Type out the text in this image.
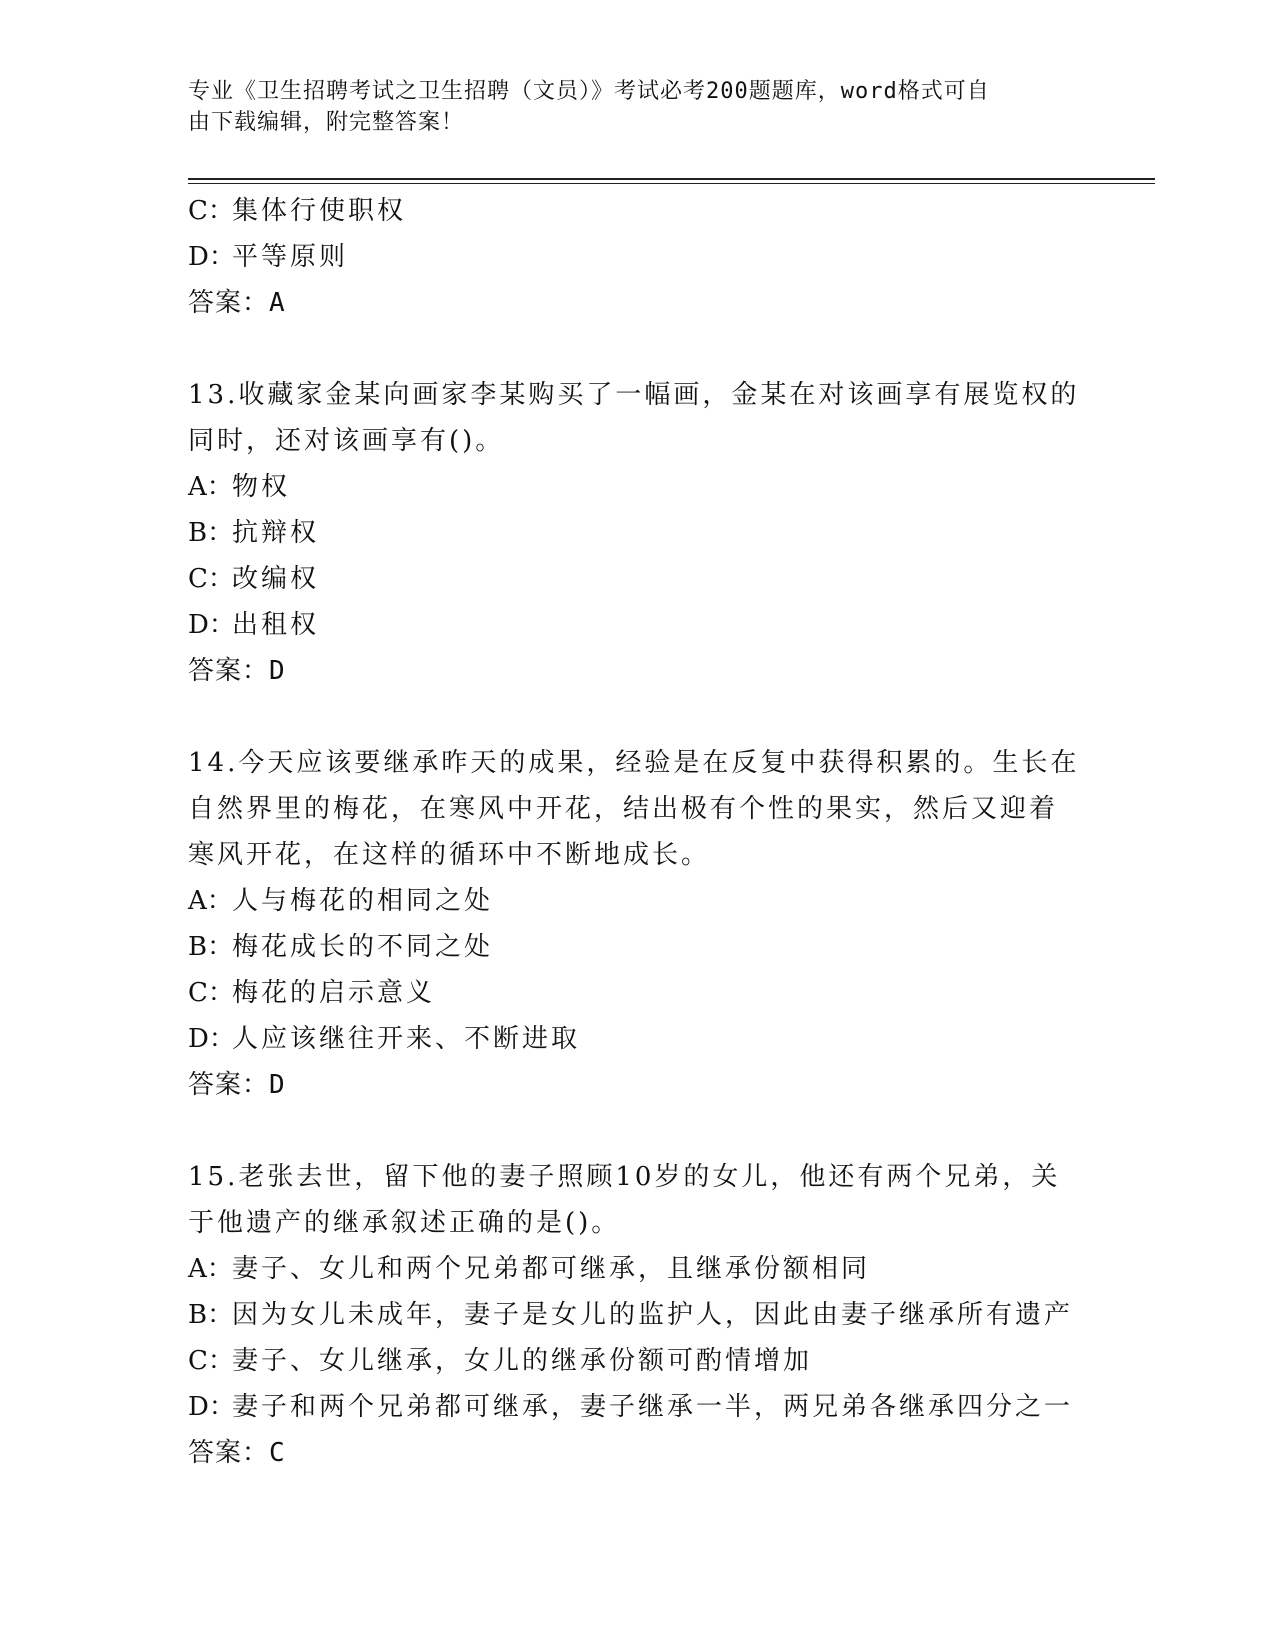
专业《卫生招聘考试之卫生招聘（文员）》考试必考200题题库，word格式可自
由下载编辑，附完整答案！
C：集体行使职权
D：平等原则
答案：A
13.收藏家金某向画家李某购买了一幅画，金某在对该画享有展览权的
同时，还对该画享有()。
A：物权
B：抗辩权
C：改编权
D：出租权
答案：D
14.今天应该要继承昨天的成果，经验是在反复中获得积累的。生长在
自然界里的梅花，在寒风中开花，结出极有个性的果实，然后又迎着
寒风开花，在这样的循环中不断地成长。
A：人与梅花的相同之处
B：梅花成长的不同之处
C：梅花的启示意义
D：人应该继往开来、不断进取
答案：D
15.老张去世，留下他的妻子照顾10岁的女儿，他还有两个兄弟，关
于他遗产的继承叙述正确的是()。
A：妻子、女儿和两个兄弟都可继承，且继承份额相同
B：因为女儿未成年，妻子是女儿的监护人，因此由妻子继承所有遗产
C：妻子、女儿继承，女儿的继承份额可酌情增加
D：妻子和两个兄弟都可继承，妻子继承一半，两兄弟各继承四分之一
答案：C
